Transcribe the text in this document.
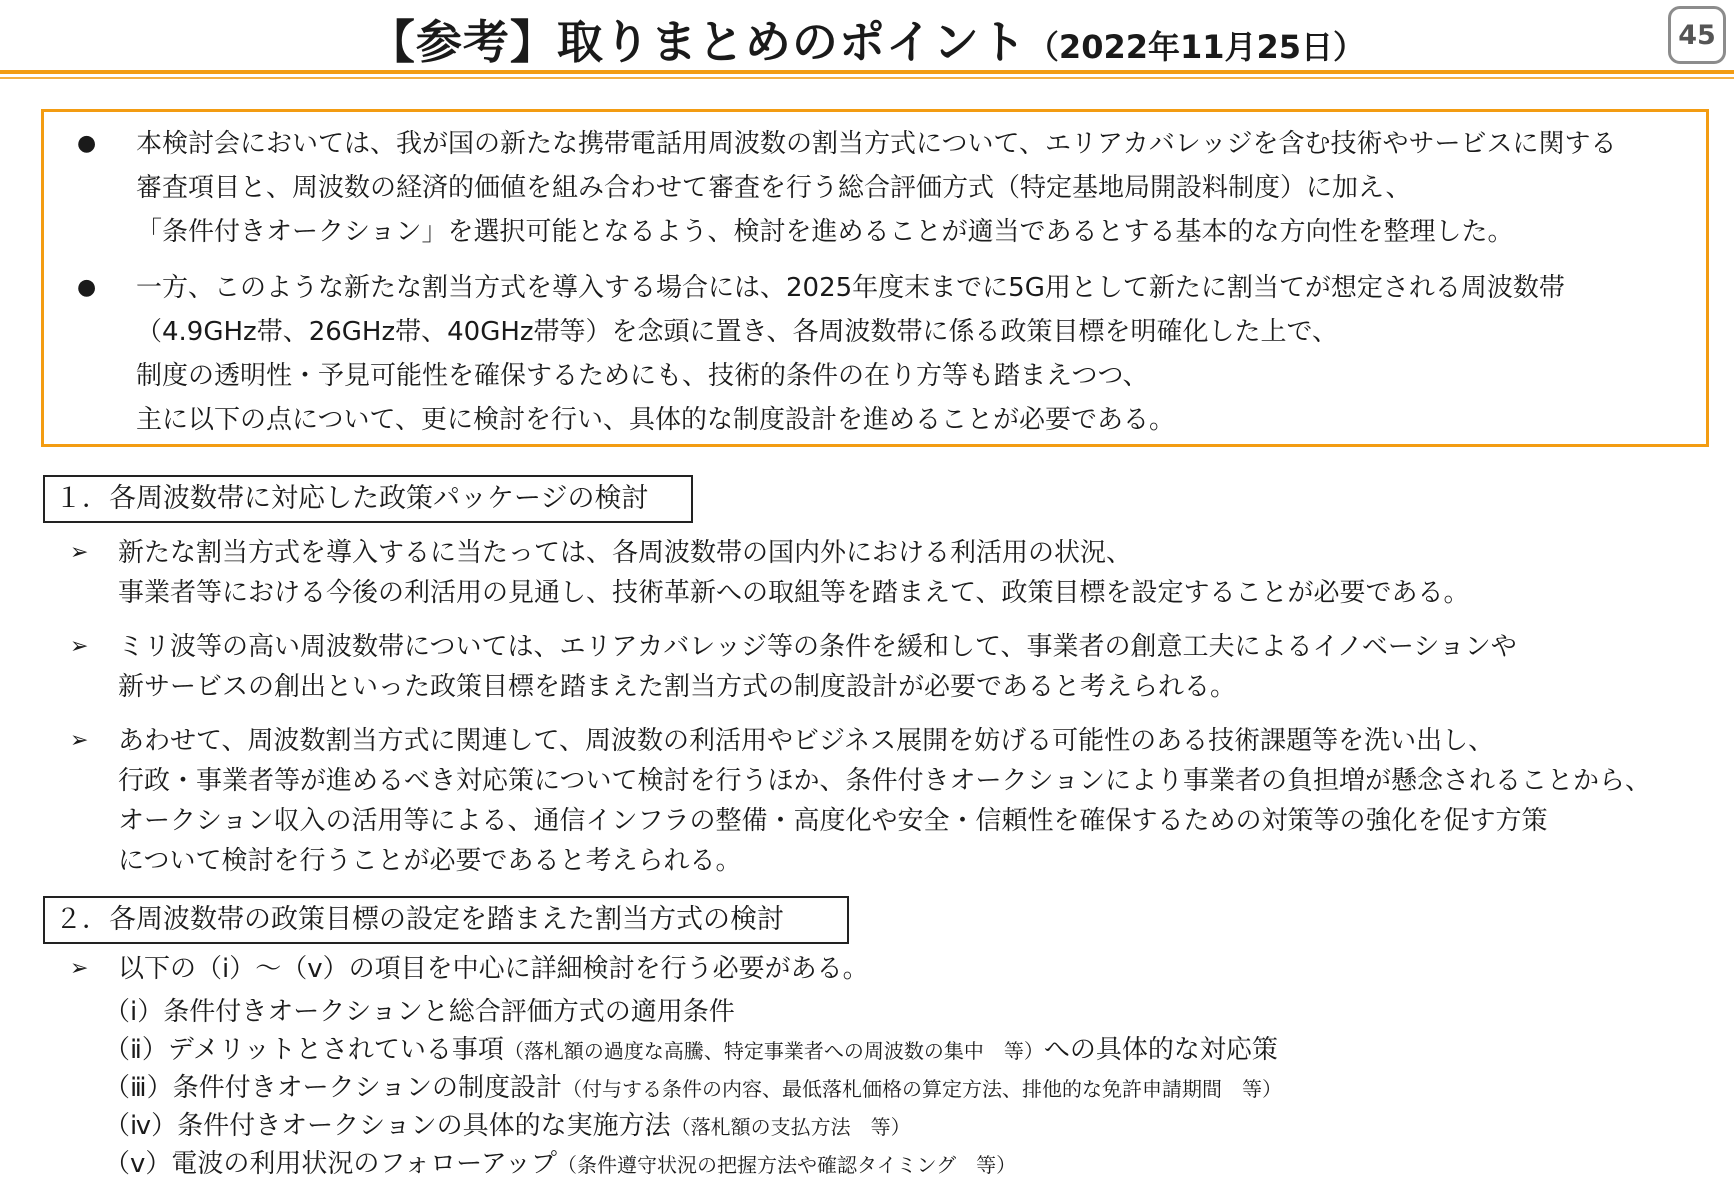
【参考】取りまとめのポイント（2022年11月25日）	45
●	本検討会においては、我が国の新たな携帯電話用周波数の割当方式について、エリアカバレッジを含む技術やサービスに関する
審査項目と、周波数の経済的価値を組み合わせて審査を行う総合評価方式（特定基地局開設料制度）に加え、
「条件付きオークション」を選択可能となるよう、検討を進めることが適当であるとする基本的な方向性を整理した。
●	一方、このような新たな割当方式を導入する場合には、2025年度末までに5G用として新たに割当てが想定される周波数帯
（4.9GHz帯、26GHz帯、40GHz帯等）を念頭に置き、各周波数帯に係る政策目標を明確化した上で、
制度の透明性・予見可能性を確保するためにも、技術的条件の在り方等も踏まえつつ、
主に以下の点について、更に検討を行い、具体的な制度設計を進めることが必要である。
１．各周波数帯に対応した政策パッケージの検討
➢	新たな割当方式を導入するに当たっては、各周波数帯の国内外における利活用の状況、
事業者等における今後の利活用の見通し、技術革新への取組等を踏まえて、政策目標を設定することが必要である。
➢	ミリ波等の高い周波数帯については、エリアカバレッジ等の条件を緩和して、事業者の創意工夫によるイノベーションや
新サービスの創出といった政策目標を踏まえた割当方式の制度設計が必要であると考えられる。
➢	あわせて、周波数割当方式に関連して、周波数の利活用やビジネス展開を妨げる可能性のある技術課題等を洗い出し、
行政・事業者等が進めるべき対応策について検討を行うほか、条件付きオークションにより事業者の負担増が懸念されることから、
オークション収入の活用等による、通信インフラの整備・高度化や安全・信頼性を確保するための対策等の強化を促す方策
について検討を行うことが必要であると考えられる。
２．各周波数帯の政策目標の設定を踏まえた割当方式の検討
➢	以下の（ⅰ）～（ⅴ）の項目を中心に詳細検討を行う必要がある。
（ⅰ）条件付きオークションと総合評価方式の適用条件
（ⅱ）デメリットとされている事項（落札額の過度な高騰、特定事業者への周波数の集中　等）への具体的な対応策
（ⅲ）条件付きオークションの制度設計（付与する条件の内容、最低落札価格の算定方法、排他的な免許申請期間　等）
（ⅳ）条件付きオークションの具体的な実施方法（落札額の支払方法　等）
（ⅴ）電波の利用状況のフォローアップ（条件遵守状況の把握方法や確認タイミング　等）
